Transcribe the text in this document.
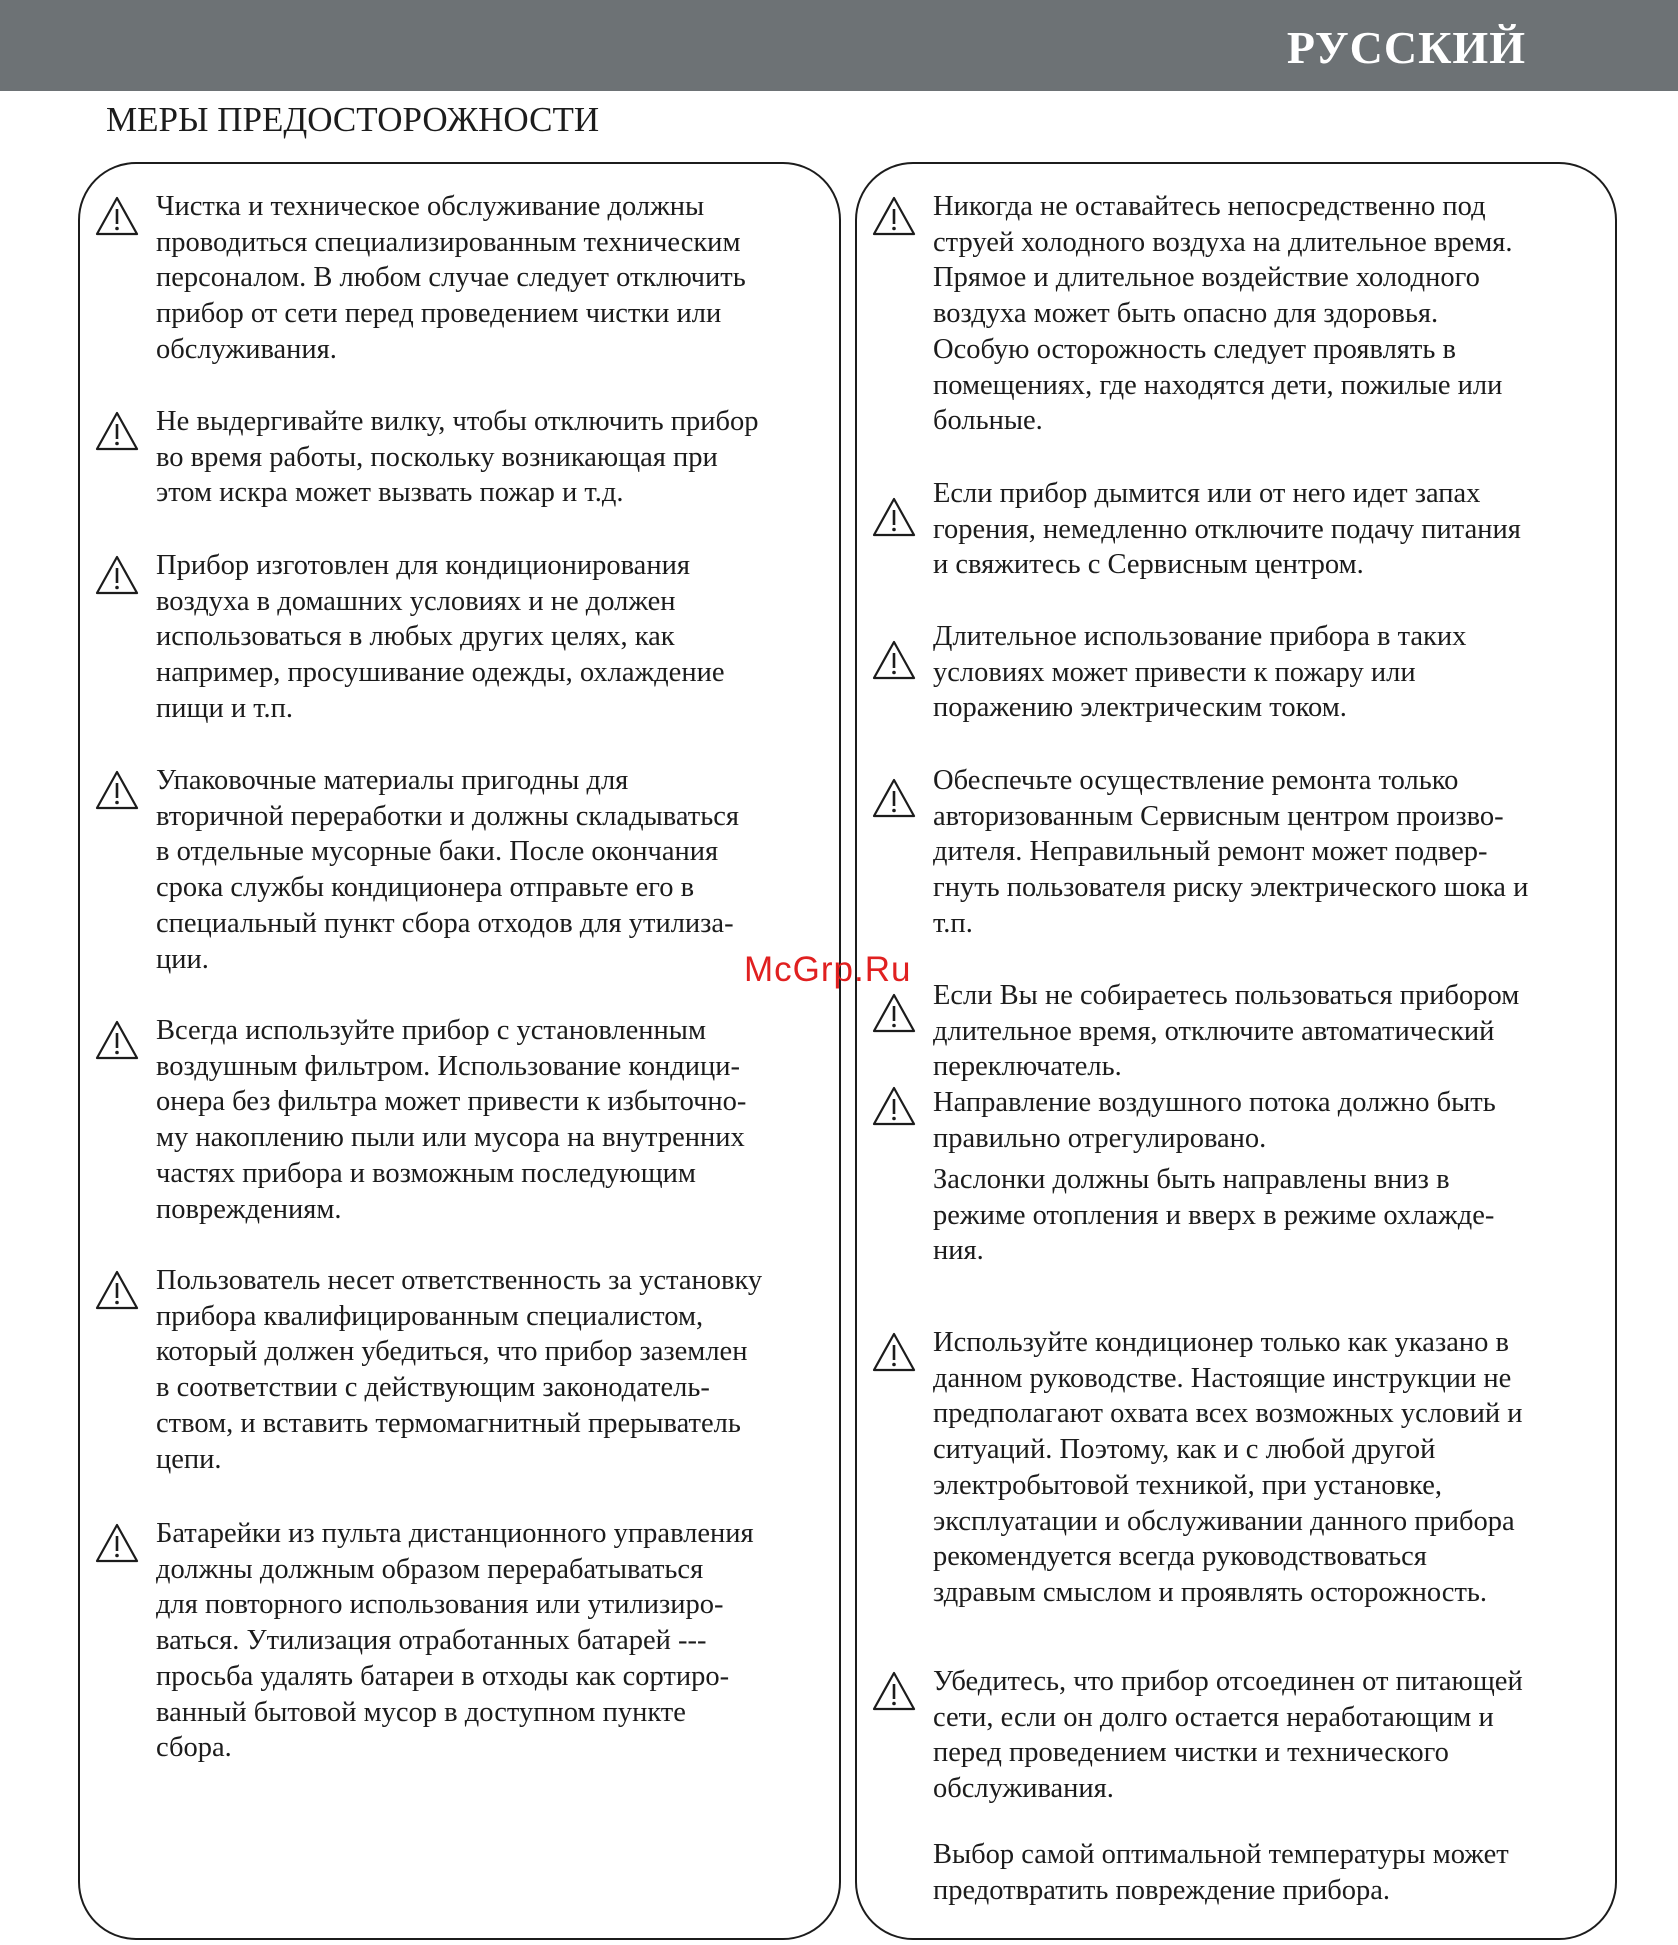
РУССКИЙ
МЕРЫ ПРЕДОСТОРОЖНОСТИ
Чистка и техническое обслуживание должны
проводиться специализированным техническим
персоналом. В любом случае следует отключить
прибор от сети перед проведением чистки или
обслуживания.
Не выдергивайте вилку, чтобы отключить прибор
во время работы, поскольку возникающая при
этом искра может вызвать пожар и т.д.
Прибор изготовлен для кондиционирования
воздуха в домашних условиях и не должен
использоваться в любых других целях, как
например, просушивание одежды, охлаждение
пищи и т.п.
Упаковочные материалы пригодны для
вторичной переработки и должны складываться
в отдельные мусорные баки. После окончания
срока службы кондиционера отправьте его в
специальный пункт сбора отходов для утилиза-
ции.
Всегда используйте прибор с установленным
воздушным фильтром. Использование кондици-
онера без фильтра может привести к избыточно-
му накоплению пыли или мусора на внутренних
частях прибора и возможным последующим
повреждениям.
Пользователь несет ответственность за установку
прибора квалифицированным специалистом,
который должен убедиться, что прибор заземлен
в соответствии с действующим законодатель-
ством, и вставить термомагнитный прерыватель
цепи.
Батарейки из пульта дистанционного управления
должны должным образом перерабатываться
для повторного использования или утилизиро-
ваться. Утилизация отработанных батарей ---
просьба удалять батареи в отходы как сортиро-
ванный бытовой мусор в доступном пункте
сбора.
Никогда не оставайтесь непосредственно под
струей холодного воздуха на длительное время.
Прямое и длительное воздействие холодного
воздуха может быть опасно для здоровья.
Особую осторожность следует проявлять в
помещениях, где находятся дети, пожилые или
больные.
Если прибор дымится или от него идет запах
горения, немедленно отключите подачу питания
и свяжитесь с Сервисным центром.
Длительное использование прибора в таких
условиях может привести к пожару или
поражению электрическим током.
Обеспечьте осуществление ремонта только
авторизованным Сервисным центром произво-
дителя. Неправильный ремонт может подвер-
гнуть пользователя риску электрического шока и
т.п.
Если Вы не собираетесь пользоваться прибором
длительное время, отключите автоматический
переключатель.
Направление воздушного потока должно быть
правильно отрегулировано.
Заслонки должны быть направлены вниз в
режиме отопления и вверх в режиме охлажде-
ния.
Используйте кондиционер только как указано в
данном руководстве. Настоящие инструкции не
предполагают охвата всех возможных условий и
ситуаций. Поэтому, как и с любой другой
электробытовой техникой, при установке,
эксплуатации и обслуживании данного прибора
рекомендуется всегда руководствоваться
здравым смыслом и проявлять осторожность.
Убедитесь, что прибор отсоединен от питающей
сети, если он долго остается неработающим и
перед проведением чистки и технического
обслуживания.
Выбор самой оптимальной температуры может
предотвратить повреждение прибора.
McGrp.Ru
